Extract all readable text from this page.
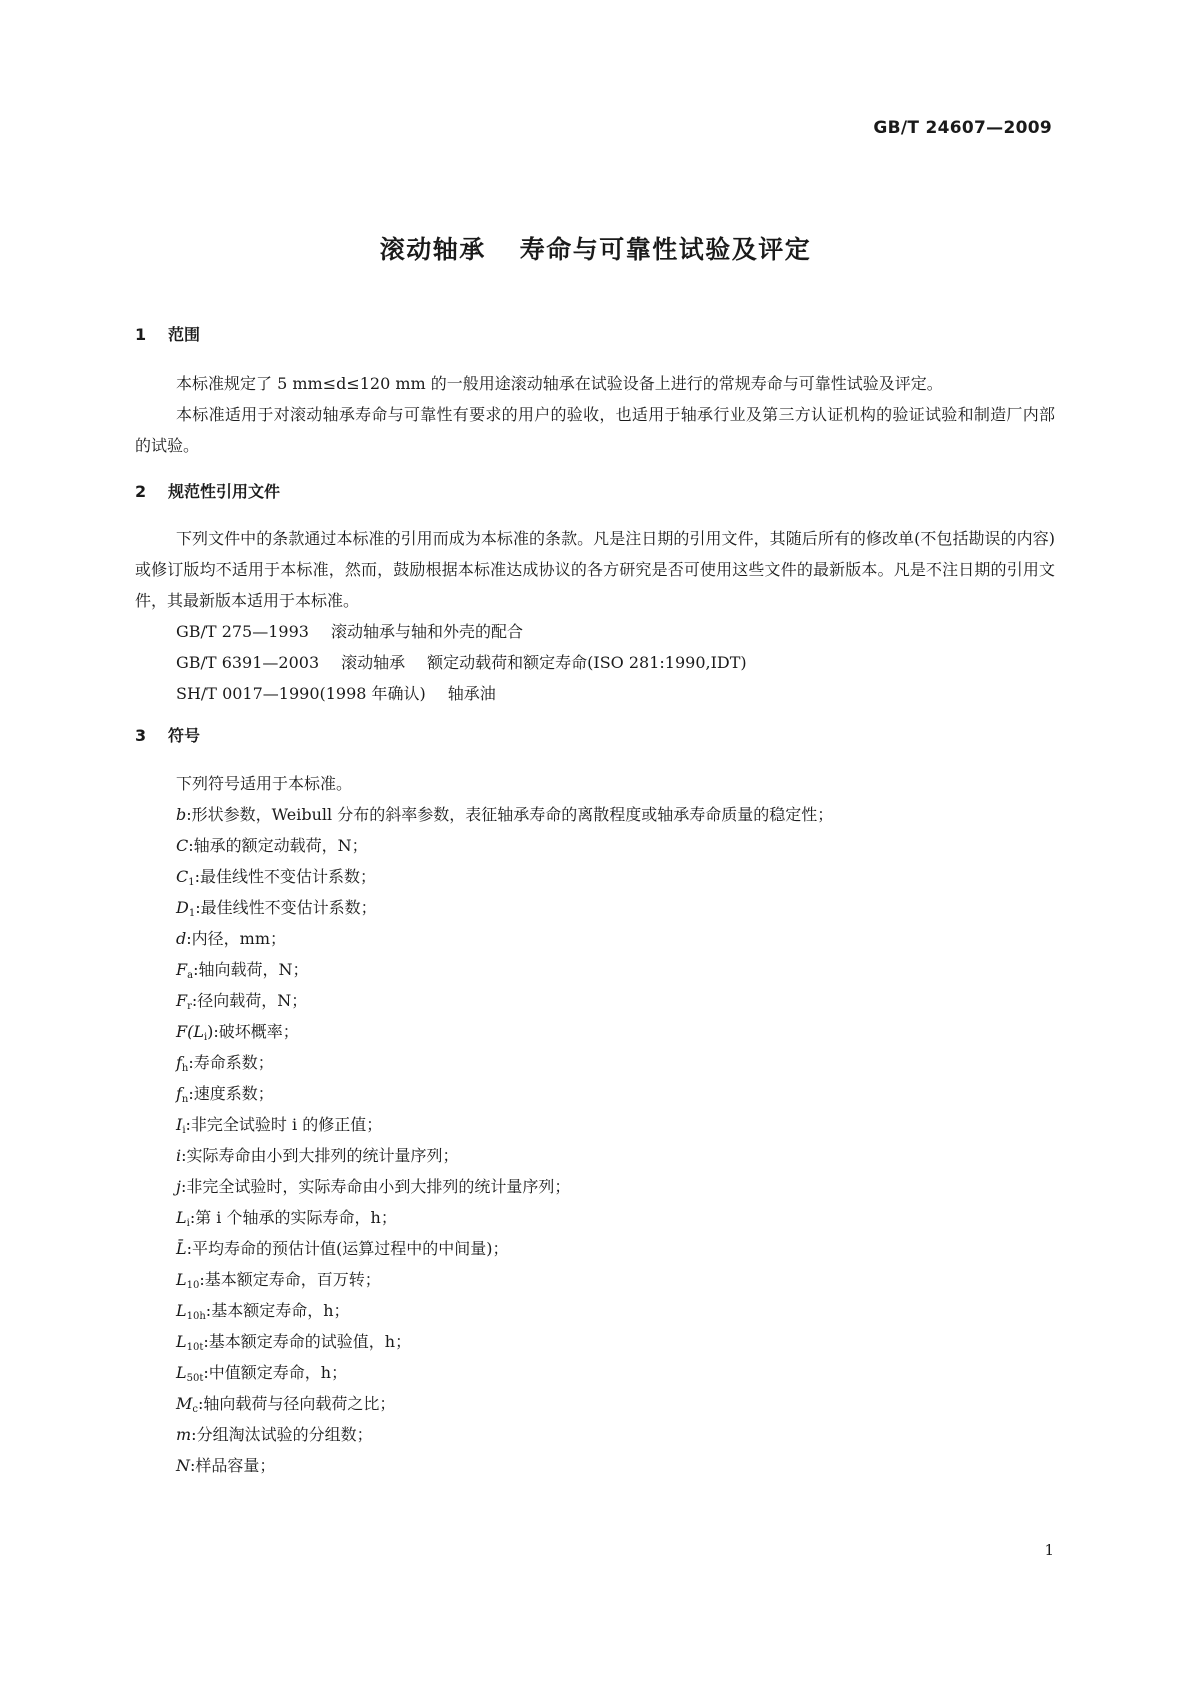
GB/T 24607—2009
滚动轴承 寿命与可靠性试验及评定
1 范围

本标准规定了 5 mm≤d≤120 mm 的一般用途滚动轴承在试验设备上进行的常规寿命与可靠性试验及评定。

本标准适用于对滚动轴承寿命与可靠性有要求的用户的验收，也适用于轴承行业及第三方认证机构的验证试验和制造厂内部的试验。

2 规范性引用文件

下列文件中的条款通过本标准的引用而成为本标准的条款。凡是注日期的引用文件，其随后所有的修改单(不包括勘误的内容)或修订版均不适用于本标准，然而，鼓励根据本标准达成协议的各方研究是否可使用这些文件的最新版本。凡是不注日期的引用文件，其最新版本适用于本标准。

GB/T 275—1993 滚动轴承与轴和外壳的配合

GB/T 6391—2003 滚动轴承 额定动载荷和额定寿命(ISO 281:1990,IDT)

SH/T 0017—1990(1998 年确认) 轴承油

3 符号

下列符号适用于本标准。

b:形状参数，Weibull 分布的斜率参数，表征轴承寿命的离散程度或轴承寿命质量的稳定性；

C:轴承的额定动载荷，N；

$C_1$:最佳线性不变估计系数；

$D_1$:最佳线性不变估计系数；

d:内径，mm；

$F_a$:轴向载荷，N；

$F_r$:径向载荷，N；

$F(L_i)$:破坏概率；

$f_h$:寿命系数；

$f_n$:速度系数；

$I_i$:非完全试验时 i 的修正值；

i:实际寿命由小到大排列的统计量序列；

j:非完全试验时，实际寿命由小到大排列的统计量序列；

$L_i$:第 i 个轴承的实际寿命，h；

L̄:平均寿命的预估计值(运算过程中的中间量)；

$L_{10}$:基本额定寿命，百万转；

$L_{10h}$:基本额定寿命，h；

$L_{10t}$:基本额定寿命的试验值，h；

$L_{50t}$:中值额定寿命，h；

$M_c$:轴向载荷与径向载荷之比；

m:分组淘汰试验的分组数；

N:样品容量；

1
